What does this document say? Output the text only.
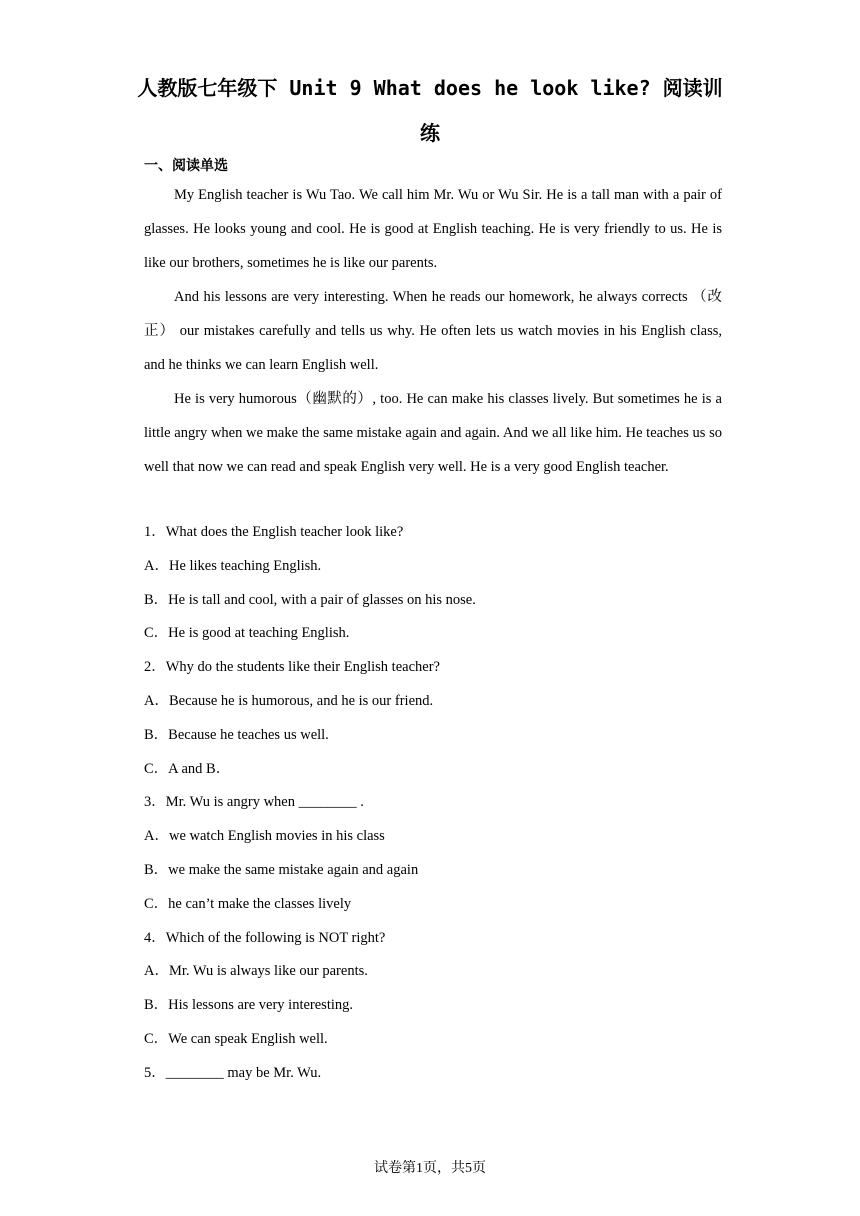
人教版七年级下 Unit 9 What does he look like? 阅读训
练
一、阅读单选

My English teacher is Wu Tao. We call him Mr. Wu or Wu Sir. He is a tall man with a pair of glasses. He looks young and cool. He is good at English teaching. He is very friendly to us. He is like our brothers, sometimes he is like our parents.

And his lessons are very interesting. When he reads our homework, he always corrects （改正） our mistakes carefully and tells us why. He often lets us watch movies in his English class, and he thinks we can learn English well.

He is very humorous（幽默的）, too. He can make his classes lively. But sometimes he is a little angry when we make the same mistake again and again. And we all like him. He teaches us so well that now we can read and speak English very well. He is a very good English teacher.

1．What does the English teacher look like?
A．He likes teaching English.
B．He is tall and cool, with a pair of glasses on his nose.
C．He is good at teaching English.
2．Why do the students like their English teacher?
A．Because he is humorous, and he is our friend.
B．Because he teaches us well.
C．A and B．
3．Mr. Wu is angry when ________ .
A．we watch English movies in his class
B．we make the same mistake again and again
C．he can’t make the classes lively
4．Which of the following is NOT right?
A．Mr. Wu is always like our parents.
B．His lessons are very interesting.
C．We can speak English well.
5．________ may be Mr. Wu.
试卷第1页，共5页
